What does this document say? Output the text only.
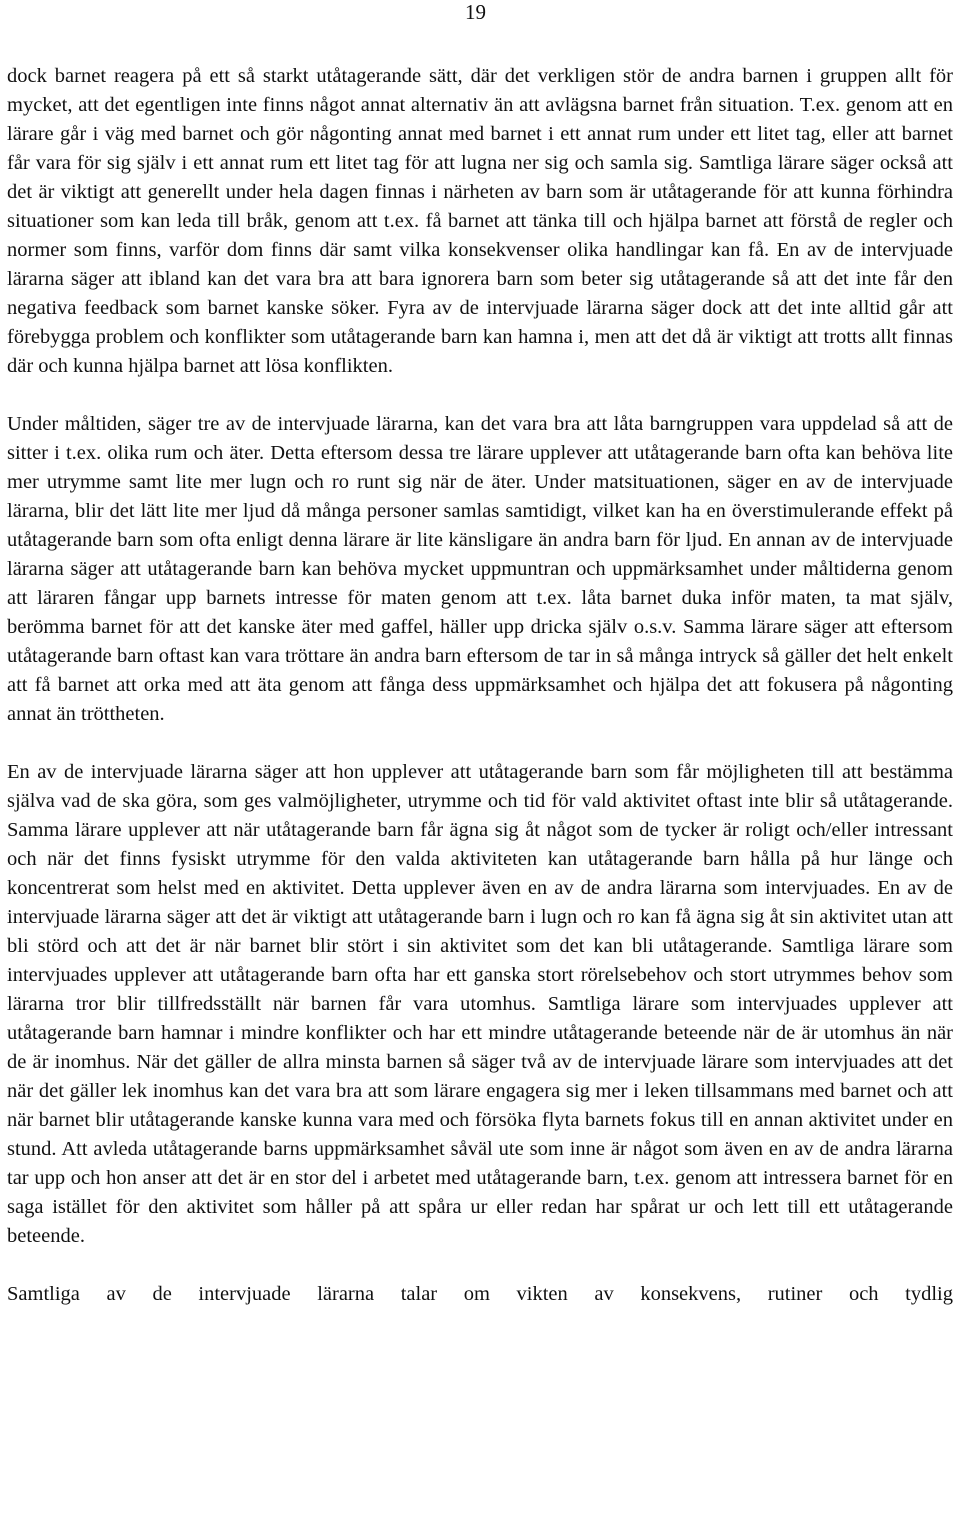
19

dock barnet reagera på ett så starkt utåtagerande sätt, där det verkligen stör de andra barnen i gruppen allt för mycket, att det egentligen inte finns något annat alternativ än att avlägsna barnet från situation. T.ex. genom att en lärare går i väg med barnet och gör någonting annat med barnet i ett annat rum under ett litet tag, eller att barnet får vara för sig själv i ett annat rum ett litet tag för att lugna ner sig och samla sig. Samtliga lärare säger också att det är viktigt att generellt under hela dagen finnas i närheten av barn som är utåtagerande för att kunna förhindra situationer som kan leda till bråk, genom att t.ex. få barnet att tänka till och hjälpa barnet att förstå de regler och normer som finns, varför dom finns där samt vilka konsekvenser olika handlingar kan få. En av de intervjuade lärarna säger att ibland kan det vara bra att bara ignorera barn som beter sig utåtagerande så att det inte får den negativa feedback som barnet kanske söker. Fyra av de intervjuade lärarna säger dock att det inte alltid går att förebygga problem och konflikter som utåtagerande barn kan hamna i, men att det då är viktigt att trotts allt finnas där och kunna hjälpa barnet att lösa konflikten.

Under måltiden, säger tre av de intervjuade lärarna, kan det vara bra att låta barngruppen vara uppdelad så att de sitter i t.ex. olika rum och äter. Detta eftersom dessa tre lärare upplever att utåtagerande barn ofta kan behöva lite mer utrymme samt lite mer lugn och ro runt sig när de äter. Under matsituationen, säger en av de intervjuade lärarna, blir det lätt lite mer ljud då många personer samlas samtidigt, vilket kan ha en överstimulerande effekt på utåtagerande barn som ofta enligt denna lärare är lite känsligare än andra barn för ljud. En annan av de intervjuade lärarna säger att utåtagerande barn kan behöva mycket uppmuntran och uppmärksamhet under måltiderna genom att läraren fångar upp barnets intresse för maten genom att t.ex. låta barnet duka inför maten, ta mat själv, berömma barnet för att det kanske äter med gaffel, häller upp dricka själv o.s.v. Samma lärare säger att eftersom utåtagerande barn oftast kan vara tröttare än andra barn eftersom de tar in så många intryck så gäller det helt enkelt att få barnet att orka med att äta genom att fånga dess uppmärksamhet och hjälpa det att fokusera på någonting annat än tröttheten.

En av de intervjuade lärarna säger att hon upplever att utåtagerande barn som får möjligheten till att bestämma själva vad de ska göra, som ges valmöjligheter, utrymme och tid för vald aktivitet oftast inte blir så utåtagerande. Samma lärare upplever att när utåtagerande barn får ägna sig åt något som de tycker är roligt och/eller intressant och när det finns fysiskt utrymme för den valda aktiviteten kan utåtagerande barn hålla på hur länge och koncentrerat som helst med en aktivitet. Detta upplever även en av de andra lärarna som intervjuades. En av de intervjuade lärarna säger att det är viktigt att utåtagerande barn i lugn och ro kan få ägna sig åt sin aktivitet utan att bli störd och att det är när barnet blir stört i sin aktivitet som det kan bli utåtagerande. Samtliga lärare som intervjuades upplever att utåtagerande barn ofta har ett ganska stort rörelsebehov och stort utrymmes behov som lärarna tror blir tillfredsställt när barnen får vara utomhus. Samtliga lärare som intervjuades upplever att utåtagerande barn hamnar i mindre konflikter och har ett mindre utåtagerande beteende när de är utomhus än när de är inomhus. När det gäller de allra minsta barnen så säger två av de intervjuade lärare som intervjuades att det när det gäller lek inomhus kan det vara bra att som lärare engagera sig mer i leken tillsammans med barnet och att när barnet blir utåtagerande kanske kunna vara med och försöka flyta barnets fokus till en annan aktivitet under en stund. Att avleda utåtagerande barns uppmärksamhet såväl ute som inne är något som även en av de andra lärarna tar upp och hon anser att det är en stor del i arbetet med utåtagerande barn, t.ex. genom att intressera barnet för en saga istället för den aktivitet som håller på att spåra ur eller redan har spårat ur och lett till ett utåtagerande beteende.

Samtliga av de intervjuade lärarna talar om vikten av konsekvens, rutiner och tydlig
